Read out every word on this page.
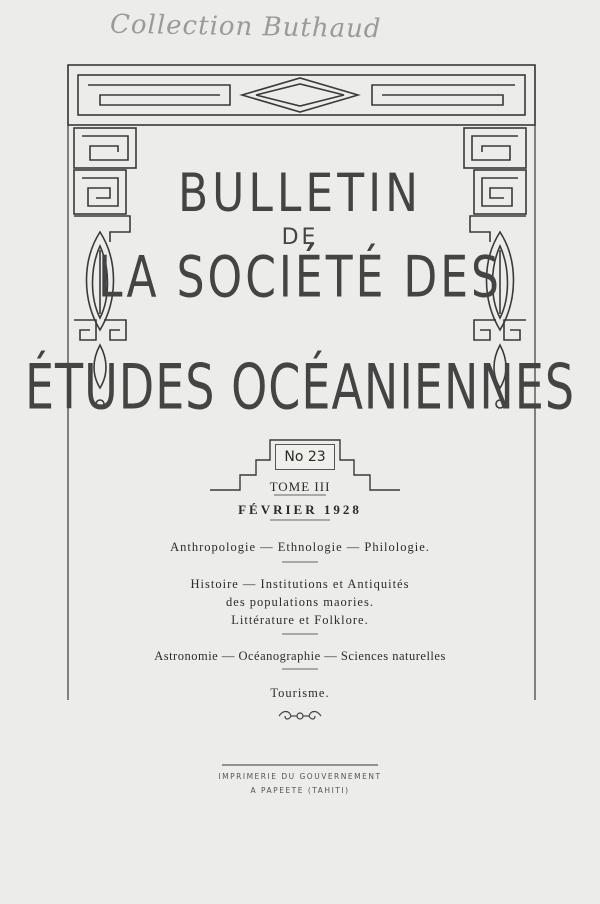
Collection Buthaud
BULLETIN
DE
LA SOCIÉTÉ DES
ÉTUDES OCÉANIENNES
No 23
TOME III
FÉVRIER 1928
Anthropologie — Ethnologie — Philologie.
Histoire — Institutions et Antiquités
des populations maories.
Littérature et Folklore.
Astronomie — Océanographie — Sciences naturelles
Tourisme.
IMPRIMERIE DU GOUVERNEMENT
A PAPEETE (TAHITI)
